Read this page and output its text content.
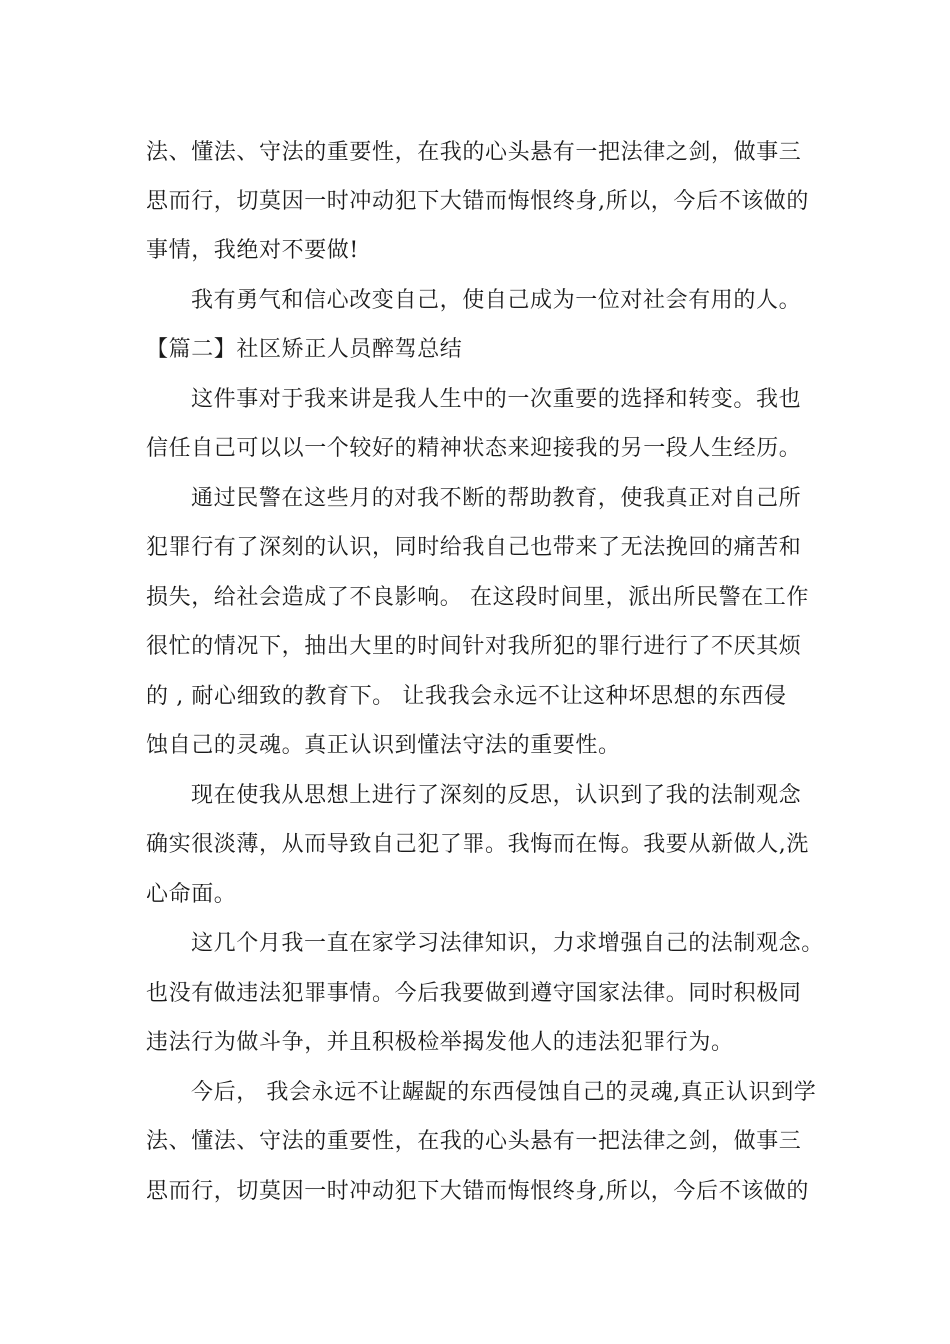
法、懂法、守法的重要性，在我的心头悬有一把法律之剑，做事三

思而行，切莫因一时冲动犯下大错而悔恨终身,所以，今后不该做的

事情，我绝对不要做!

我有勇气和信心改变自己，使自己成为一位对社会有用的人。

【篇二】社区矫正人员醉驾总结

这件事对于我来讲是我人生中的一次重要的选择和转变。我也

信任自己可以以一个较好的精神状态来迎接我的另一段人生经历。

通过民警在这些月的对我不断的帮助教育，使我真正对自己所

犯罪行有了深刻的认识，同时给我自己也带来了无法挽回的痛苦和

损失，给社会造成了不良影响。 在这段时间里，派出所民警在工作

很忙的情况下，抽出大里的时间针对我所犯的罪行进行了不厌其烦

的 , 耐心细致的教育下。 让我我会永远不让这种坏思想的东西侵

蚀自己的灵魂。真正认识到懂法守法的重要性。

现在使我从思想上进行了深刻的反思，认识到了我的法制观念

确实很淡薄，从而导致自己犯了罪。我悔而在悔。我要从新做人,洗

心命面。

这几个月我一直在家学习法律知识，力求增强自己的法制观念。

也没有做违法犯罪事情。今后我要做到遵守国家法律。同时积极同

违法行为做斗争，并且积极检举揭发他人的违法犯罪行为。

今后， 我会永远不让龌龊的东西侵蚀自己的灵魂,真正认识到学

法、懂法、守法的重要性，在我的心头悬有一把法律之剑，做事三

思而行，切莫因一时冲动犯下大错而悔恨终身,所以，今后不该做的
